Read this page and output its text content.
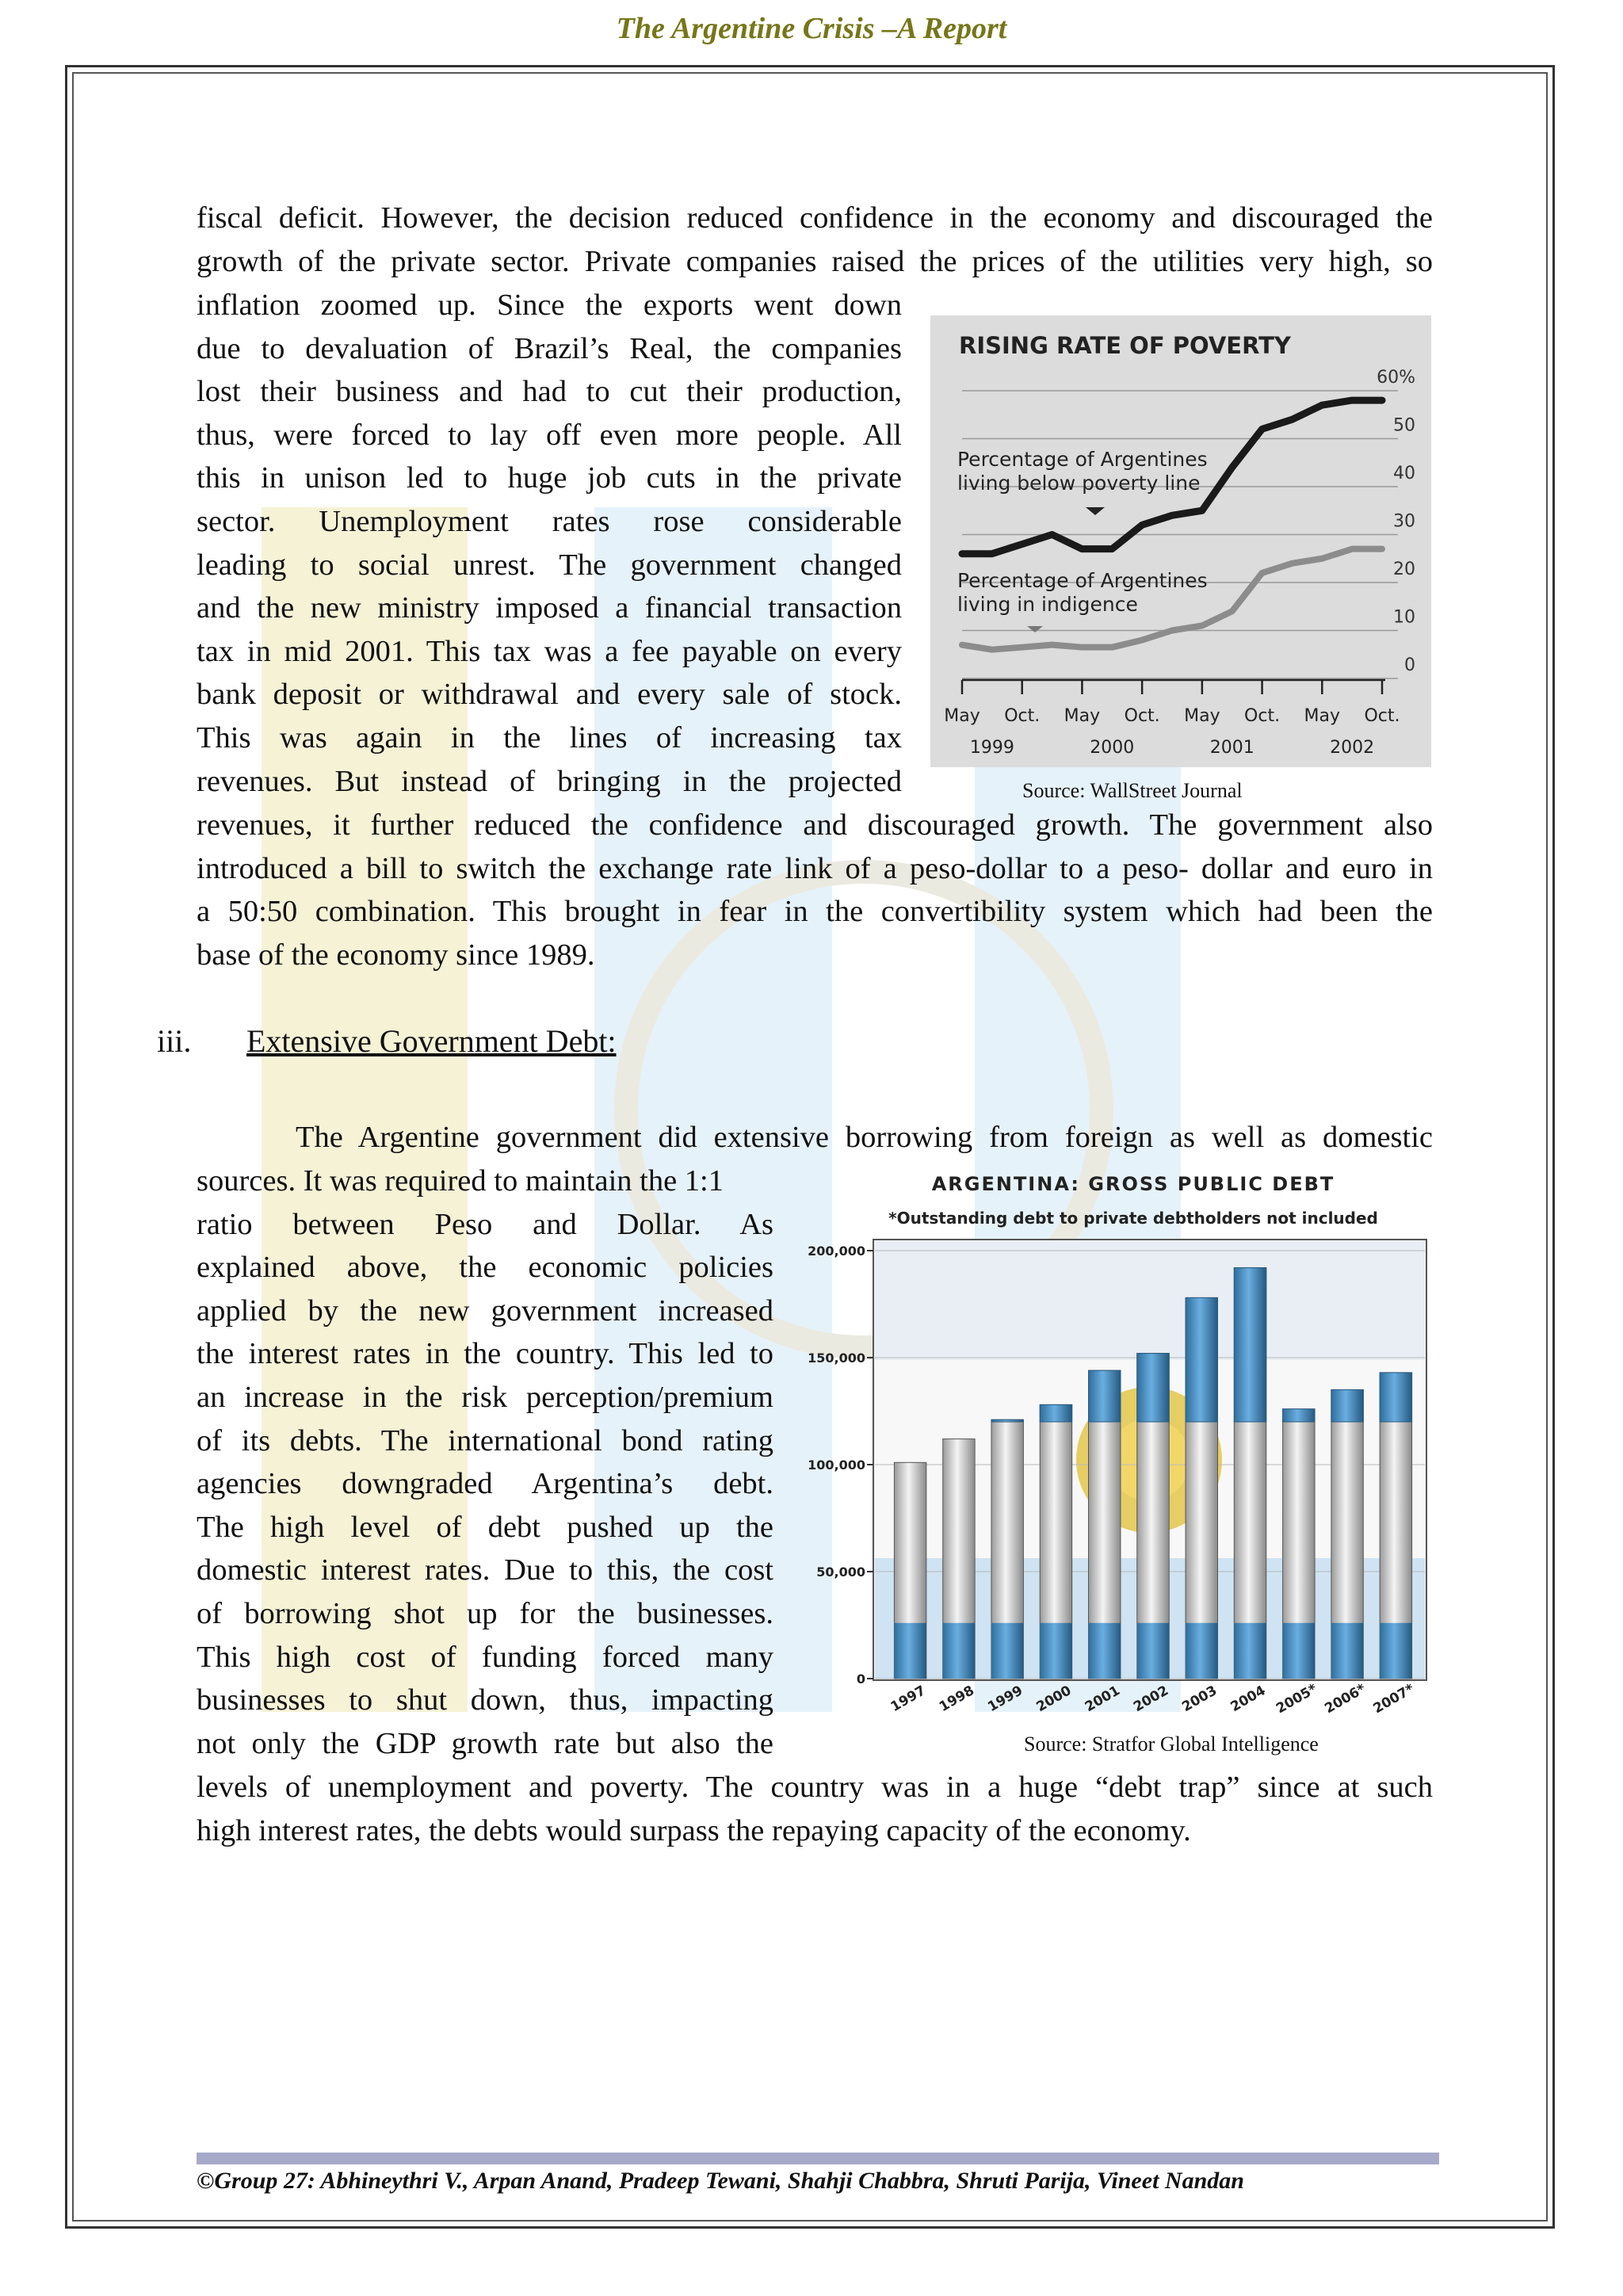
The Argentine Crisis –A Report
fiscal deficit. However, the decision reduced confidence in the economy and discouraged the
growth of the private sector. Private companies raised the prices of the utilities very high, so
inflation zoomed up. Since the exports went down
due to devaluation of Brazil’s Real, the companies
lost their business and had to cut their production,
thus, were forced to lay off even more people. All
this in unison led to huge job cuts in the private
sector. Unemployment rates rose considerable
leading to social unrest. The government changed
and the new ministry imposed a financial transaction
tax in mid 2001. This tax was a fee payable on every
bank deposit or withdrawal and every sale of stock.
This was again in the lines of increasing tax
revenues. But instead of bringing in the projected
revenues, it further reduced the confidence and discouraged growth. The government also
introduced a bill to switch the exchange rate link of a peso-dollar to a peso- dollar and euro in
a 50:50 combination. This brought in fear in the convertibility system which had been the
base of the economy since 1989.
RISING RATE OF POVERTY
60%
50
40
30
20
10
0
Percentage of Argentines living below poverty line
Percentage of Argentines living in indigence
May Oct. May Oct. May Oct. May Oct.
1999	2000	2001	2002
Source: WallStreet Journal
iii. Extensive Government Debt:
The Argentine government did extensive borrowing from foreign as well as domestic
sources. It was required to maintain the 1:1
ratio between Peso and Dollar. As
explained above, the economic policies
applied by the new government increased
the interest rates in the country. This led to
an increase in the risk perception/premium
of its debts. The international bond rating
agencies downgraded Argentina’s debt.
The high level of debt pushed up the
domestic interest rates. Due to this, the cost
of borrowing shot up for the businesses.
This high cost of funding forced many
businesses to shut down, thus, impacting
not only the GDP growth rate but also the
levels of unemployment and poverty. The country was in a huge “debt trap” since at such
high interest rates, the debts would surpass the repaying capacity of the economy.
ARGENTINA: GROSS PUBLIC DEBT
*Outstanding debt to private debtholders not included
200,000
150,000
100,000
50,000
0
1997 1998 1999 2000 2001 2002 2003 2004 2005* 2006* 2007*
Source: Stratfor Global Intelligence
©Group 27: Abhineythri V., Arpan Anand, Pradeep Tewani, Shahji Chabbra, Shruti Parija, Vineet Nandan
